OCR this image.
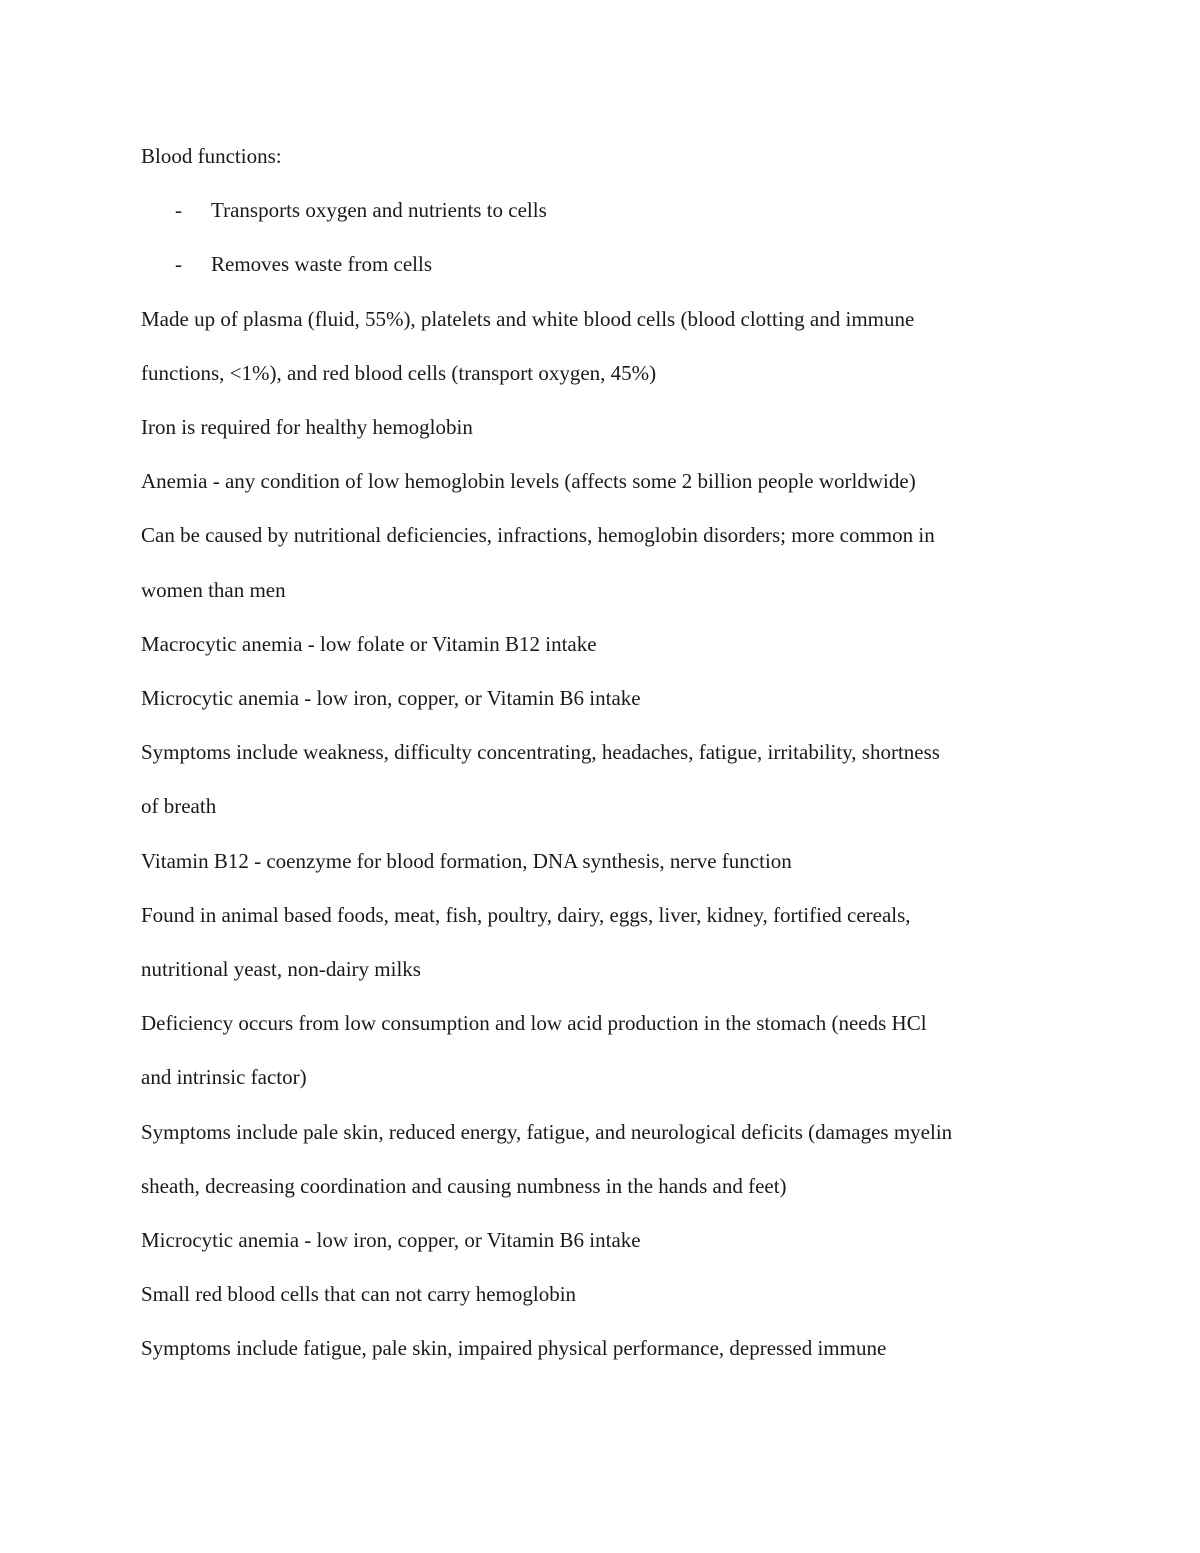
Blood functions:

-	Transports oxygen and nutrients to cells

-	Removes waste from cells

Made up of plasma (fluid, 55%), platelets and white blood cells (blood clotting and immune

functions, <1%), and red blood cells (transport oxygen, 45%)

Iron is required for healthy hemoglobin

Anemia - any condition of low hemoglobin levels (affects some 2 billion people worldwide)

Can be caused by nutritional deficiencies, infractions, hemoglobin disorders; more common in

women than men

Macrocytic anemia - low folate or Vitamin B12 intake

Microcytic anemia - low iron, copper, or Vitamin B6 intake

Symptoms include weakness, difficulty concentrating, headaches, fatigue, irritability, shortness

of breath

Vitamin B12 - coenzyme for blood formation, DNA synthesis, nerve function

Found in animal based foods, meat, fish, poultry, dairy, eggs, liver, kidney, fortified cereals,

nutritional yeast, non-dairy milks

Deficiency occurs from low consumption and low acid production in the stomach (needs HCl

and intrinsic factor)

Symptoms include pale skin, reduced energy, fatigue, and neurological deficits (damages myelin

sheath, decreasing coordination and causing numbness in the hands and feet)

Microcytic anemia - low iron, copper, or Vitamin B6 intake

Small red blood cells that can not carry hemoglobin

Symptoms include fatigue, pale skin, impaired physical performance, depressed immune
